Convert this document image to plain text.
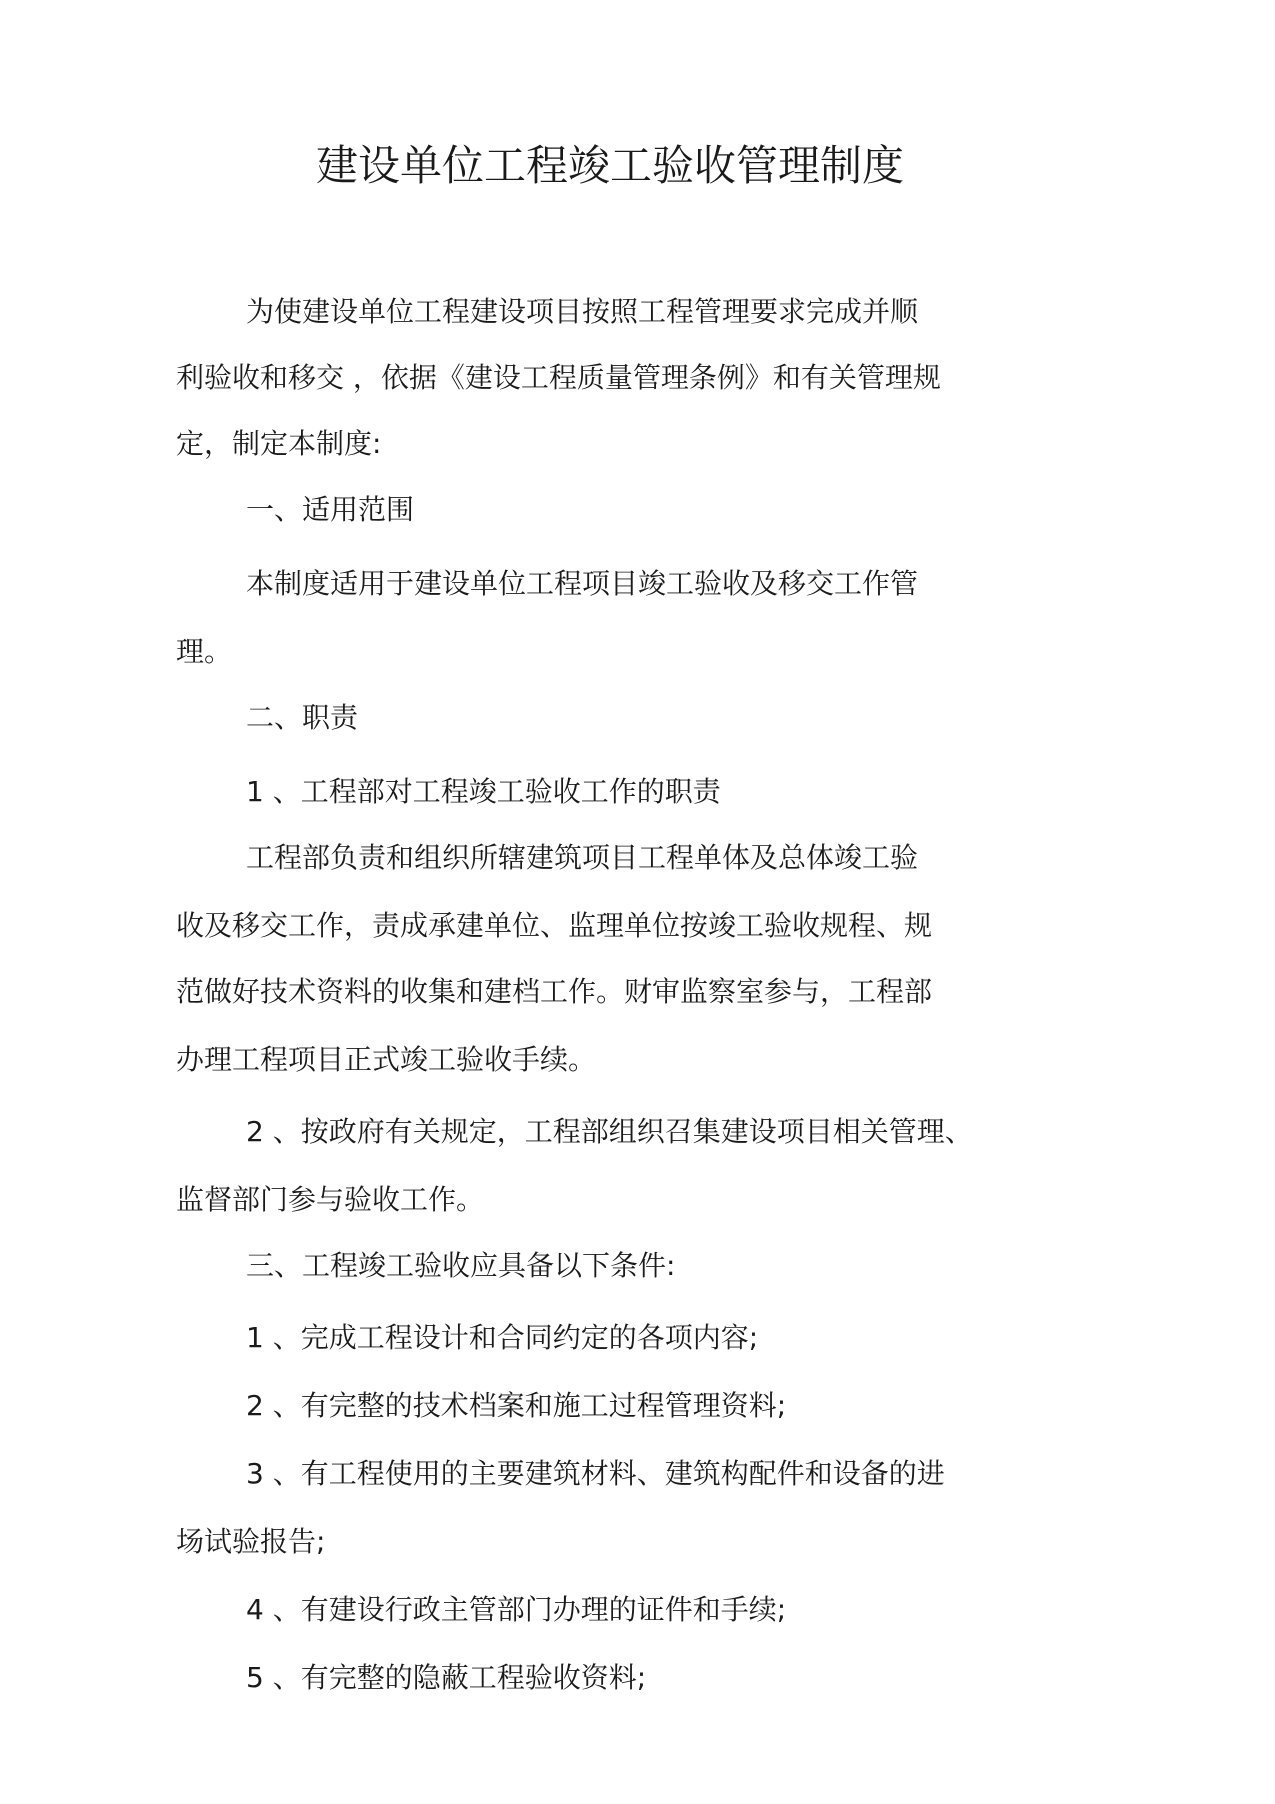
建设单位工程竣工验收管理制度
为使建设单位工程建设项目按照工程管理要求完成并顺
利验收和移交 ，依据《建设工程质量管理条例》和有关管理规
定，制定本制度:
一、适用范围
本制度适用于建设单位工程项目竣工验收及移交工作管
理。
二、职责
1 、工程部对工程竣工验收工作的职责
工程部负责和组织所辖建筑项目工程单体及总体竣工验
收及移交工作，责成承建单位、监理单位按竣工验收规程、规
范做好技术资料的收集和建档工作。财审监察室参与，工程部
办理工程项目正式竣工验收手续。
2 、按政府有关规定，工程部组织召集建设项目相关管理、
监督部门参与验收工作。
三、工程竣工验收应具备以下条件:
1 、完成工程设计和合同约定的各项内容;
2 、有完整的技术档案和施工过程管理资料;
3 、有工程使用的主要建筑材料、建筑构配件和设备的进
场试验报告;
4 、有建设行政主管部门办理的证件和手续;
5 、有完整的隐蔽工程验收资料;
